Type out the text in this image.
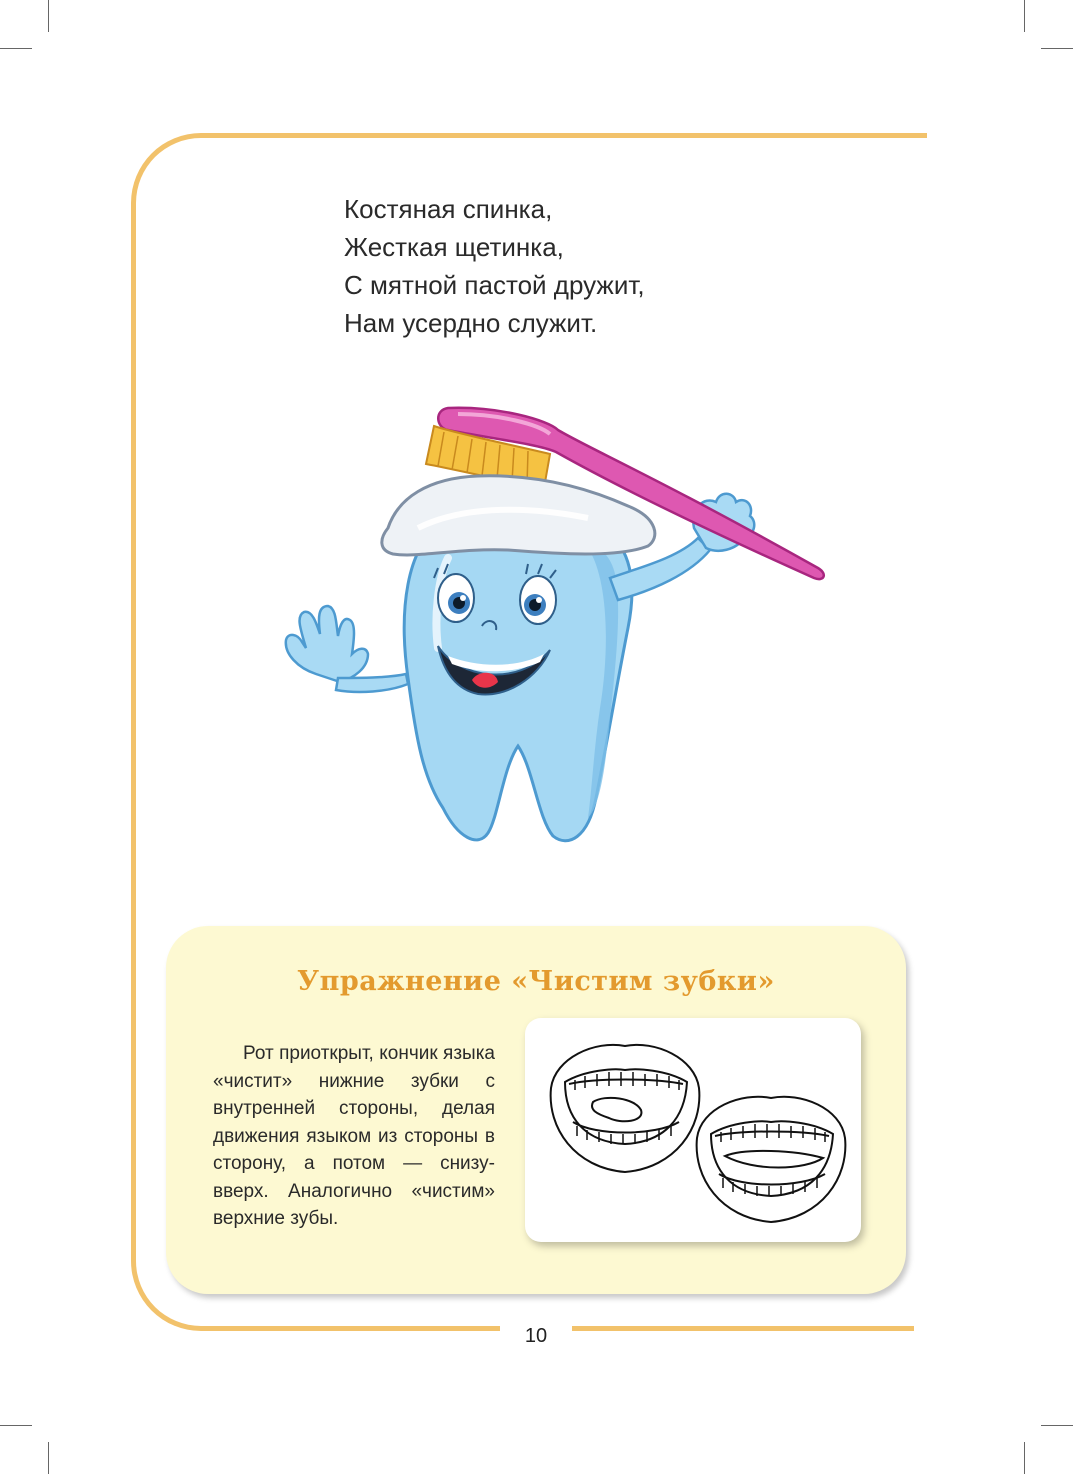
10
Костяная спинка,
Жесткая щетинка,
С мятной пастой дружит,
Нам усердно служит.
Упражнение «Чистим зубки»
Рот приоткрыт, кончик языка «чистит» нижние зубки с внутренней стороны, делая движения языком из стороны в сторону, а потом — снизу-вверх. Аналогично «чистим» верхние зубы.
